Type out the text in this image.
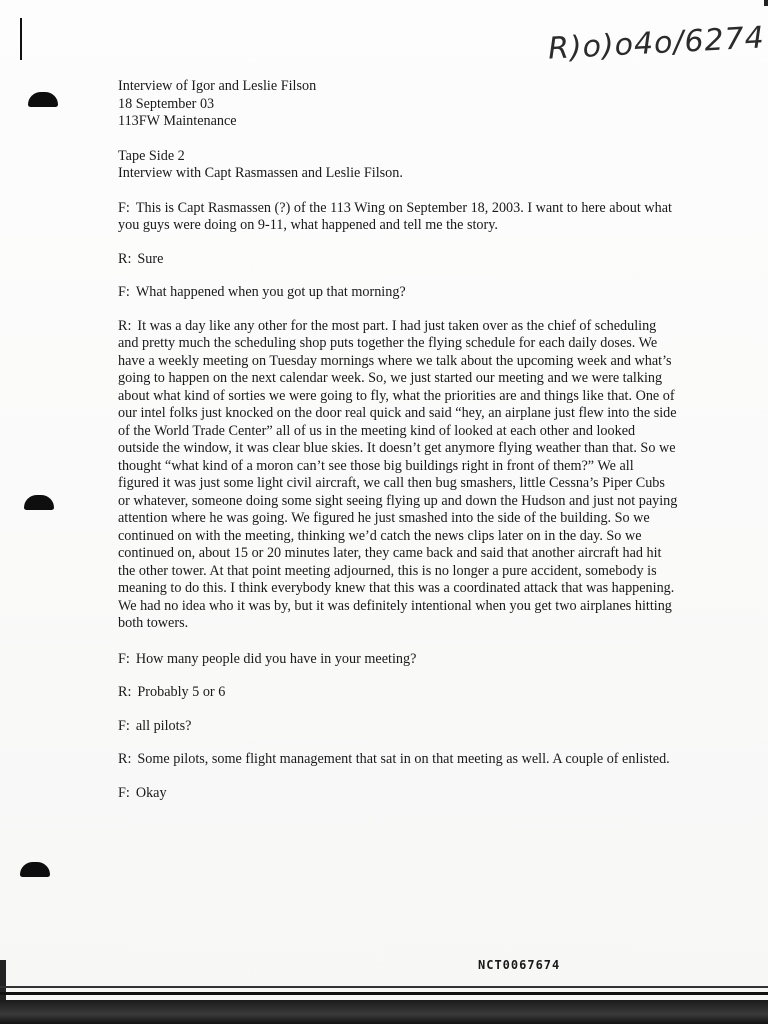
R)o)o4o/6274
Interview of Igor and Leslie Filson
18 September 03
113FW Maintenance
Tape Side 2
Interview with Capt Rasmassen and Leslie Filson.

F: This is Capt Rasmassen (?) of the 113 Wing on September 18, 2003. I want to here about what you guys were doing on 9-11, what happened and tell me the story.

R: Sure

F: What happened when you got up that morning?

R: It was a day like any other for the most part. I had just taken over as the chief of scheduling and pretty much the scheduling shop puts together the flying schedule for each daily doses. We have a weekly meeting on Tuesday mornings where we talk about the upcoming week and what’s going to happen on the next calendar week. So, we just started our meeting and we were talking about what kind of sorties we were going to fly, what the priorities are and things like that. One of our intel folks just knocked on the door real quick and said “hey, an airplane just flew into the side of the World Trade Center” all of us in the meeting kind of looked at each other and looked outside the window, it was clear blue skies. It doesn’t get anymore flying weather than that. So we thought “what kind of a moron can’t see those big buildings right in front of them?” We all figured it was just some light civil aircraft, we call then bug smashers, little Cessna’s Piper Cubs or whatever, someone doing some sight seeing flying up and down the Hudson and just not paying attention where he was going. We figured he just smashed into the side of the building. So we continued on with the meeting, thinking we’d catch the news clips later on in the day. So we continued on, about 15 or 20 minutes later, they came back and said that another aircraft had hit the other tower. At that point meeting adjourned, this is no longer a pure accident, somebody is meaning to do this. I think everybody knew that this was a coordinated attack that was happening. We had no idea who it was by, but it was definitely intentional when you get two airplanes hitting both towers.

F: How many people did you have in your meeting?

R: Probably 5 or 6

F: all pilots?

R: Some pilots, some flight management that sat in on that meeting as well. A couple of enlisted.

F: Okay

NCT0067674
